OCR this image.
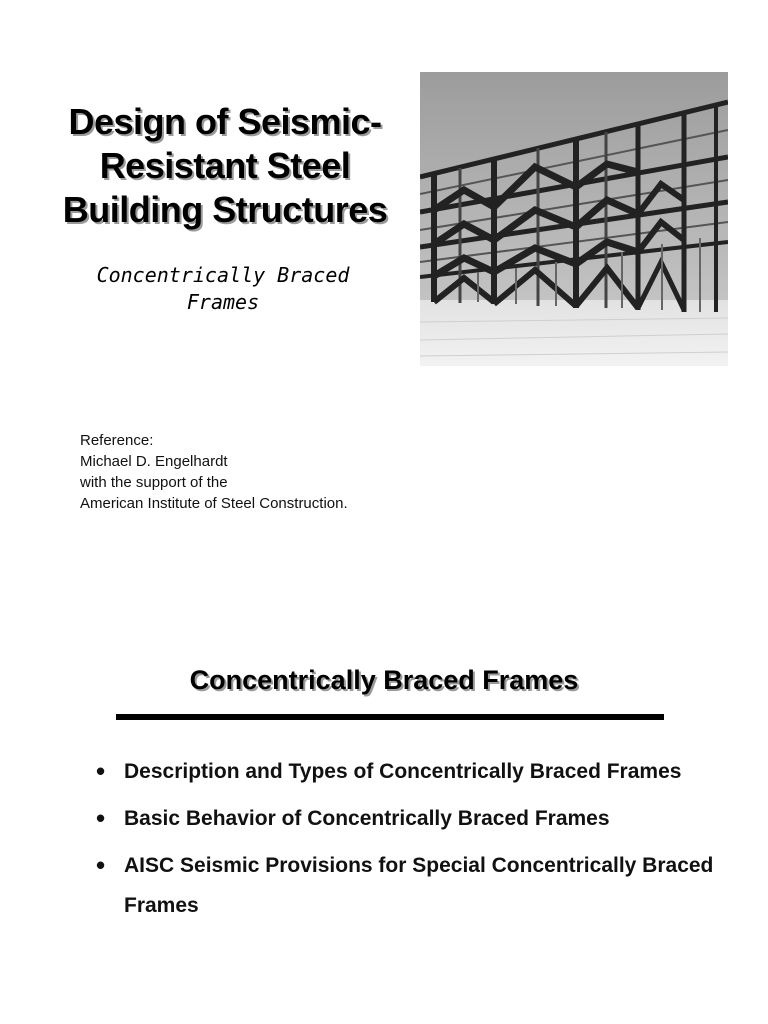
Design of Seismic-
Resistant Steel
Building Structures
Concentrically Braced
Frames
Reference:
Michael D. Engelhardt
with the support of the
American Institute of Steel Construction.
Concentrically Braced Frames
• Description and Types of Concentrically Braced Frames
• Basic Behavior of Concentrically Braced Frames
• AISC Seismic Provisions for Special Concentrically Braced Frames
